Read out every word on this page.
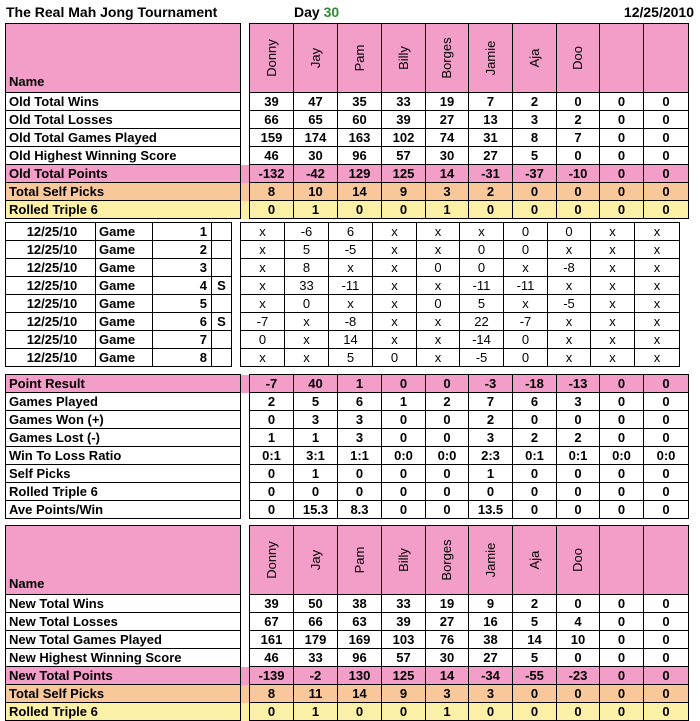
The Real Mah Jong Tournament	Day 30	12/25/2010
Name		Donny	Jay	Pam	Billy	Borges	Jamie	Aja	Doo		

Old Total Wins		39	47	35	33	19	7	2	0	0	0
Old Total Losses		66	65	60	39	27	13	3	2	0	0
Old Total Games Played		159	174	163	102	74	31	8	7	0	0
Old Highest Winning Score		46	30	96	57	30	27	5	0	0	0
Old Total Points		-132	-42	129	125	14	-31	-37	-10	0	0
Total Self Picks		8	10	14	9	3	2	0	0	0	0
Rolled Triple 6		0	1	0	0	1	0	0	0	0	0
12/25/10	Game	1			x	-6	6	x	x	x	0	0	x	x
12/25/10	Game	2			x	5	-5	x	x	0	0	x	x	x
12/25/10	Game	3			x	8	x	x	0	0	x	-8	x	x
12/25/10	Game	4	S		x	33	-11	x	x	-11	-11	x	x	x
12/25/10	Game	5			x	0	x	x	0	5	x	-5	x	x
12/25/10	Game	6	S		-7	x	-8	x	x	22	-7	x	x	x
12/25/10	Game	7			0	x	14	x	x	-14	0	x	x	x
12/25/10	Game	8			x	x	5	0	x	-5	0	x	x	x
Point Result		-7	40	1	0	0	-3	-18	-13	0	0
Games Played		2	5	6	1	2	7	6	3	0	0
Games Won (+)		0	3	3	0	0	2	0	0	0	0
Games Lost (-)		1	1	3	0	0	3	2	2	0	0
Win To Loss Ratio		0:1	3:1	1:1	0:0	0:0	2:3	0:1	0:1	0:0	0:0
Self Picks		0	1	0	0	0	1	0	0	0	0
Rolled Triple 6		0	0	0	0	0	0	0	0	0	0
Ave Points/Win		0	15.3	8.3	0	0	13.5	0	0	0	0
Name		Donny	Jay	Pam	Billy	Borges	Jamie	Aja	Doo		

New Total Wins		39	50	38	33	19	9	2	0	0	0
New Total Losses		67	66	63	39	27	16	5	4	0	0
New Total Games Played		161	179	169	103	76	38	14	10	0	0
New Highest Winning Score		46	33	96	57	30	27	5	0	0	0
New Total Points		-139	-2	130	125	14	-34	-55	-23	0	0
Total Self Picks		8	11	14	9	3	3	0	0	0	0
Rolled Triple 6		0	1	0	0	1	0	0	0	0	0
